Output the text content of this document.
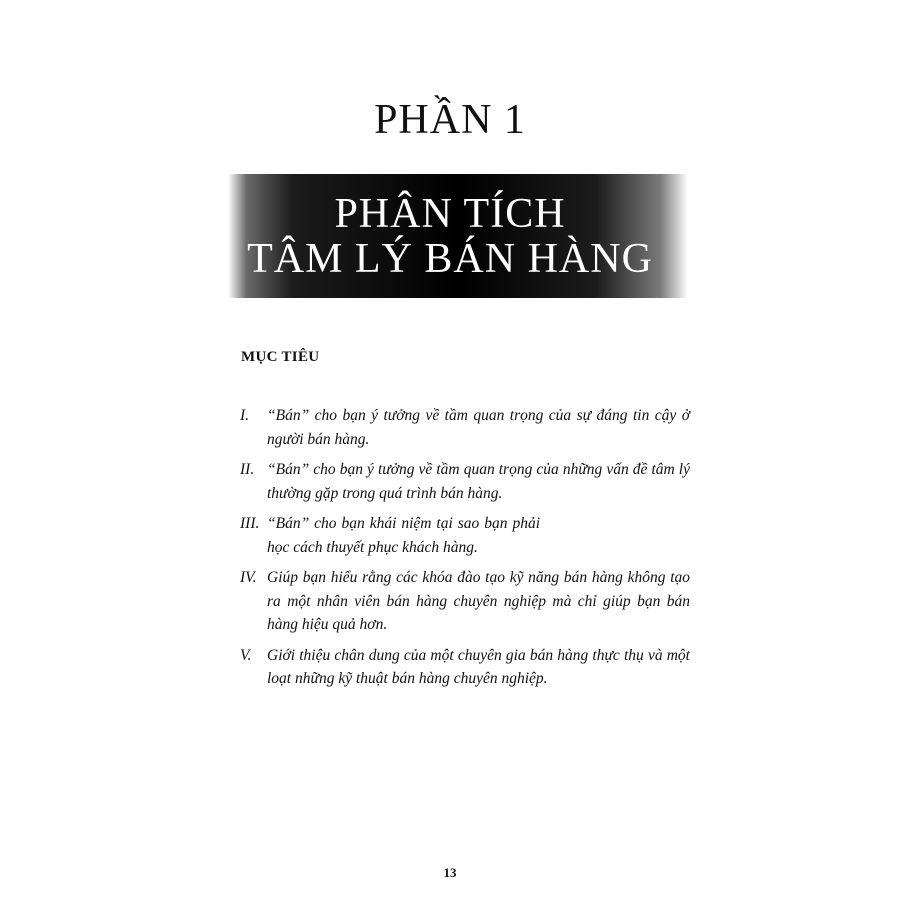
PHẦN 1
PHÂN TÍCH
TÂM LÝ BÁN HÀNG
MỤC TIÊU
I.	“Bán” cho bạn ý tưởng về tầm quan trọng của sự đáng tin cậy ở người bán hàng.
II. “Bán” cho bạn ý tưởng về tầm quan trọng của những vấn đề tâm lý thường gặp trong quá trình bán hàng.
III. “Bán” cho bạn khái niệm tại sao bạn phải học cách thuyết phục khách hàng.
IV. Giúp bạn hiểu rằng các khóa đào tạo kỹ năng bán hàng không tạo ra một nhân viên bán hàng chuyên nghiệp mà chỉ giúp bạn bán hàng hiệu quả hơn.
V.	Giới thiệu chân dung của một chuyên gia bán hàng thực thụ và một loạt những kỹ thuật bán hàng chuyên nghiệp.
13
